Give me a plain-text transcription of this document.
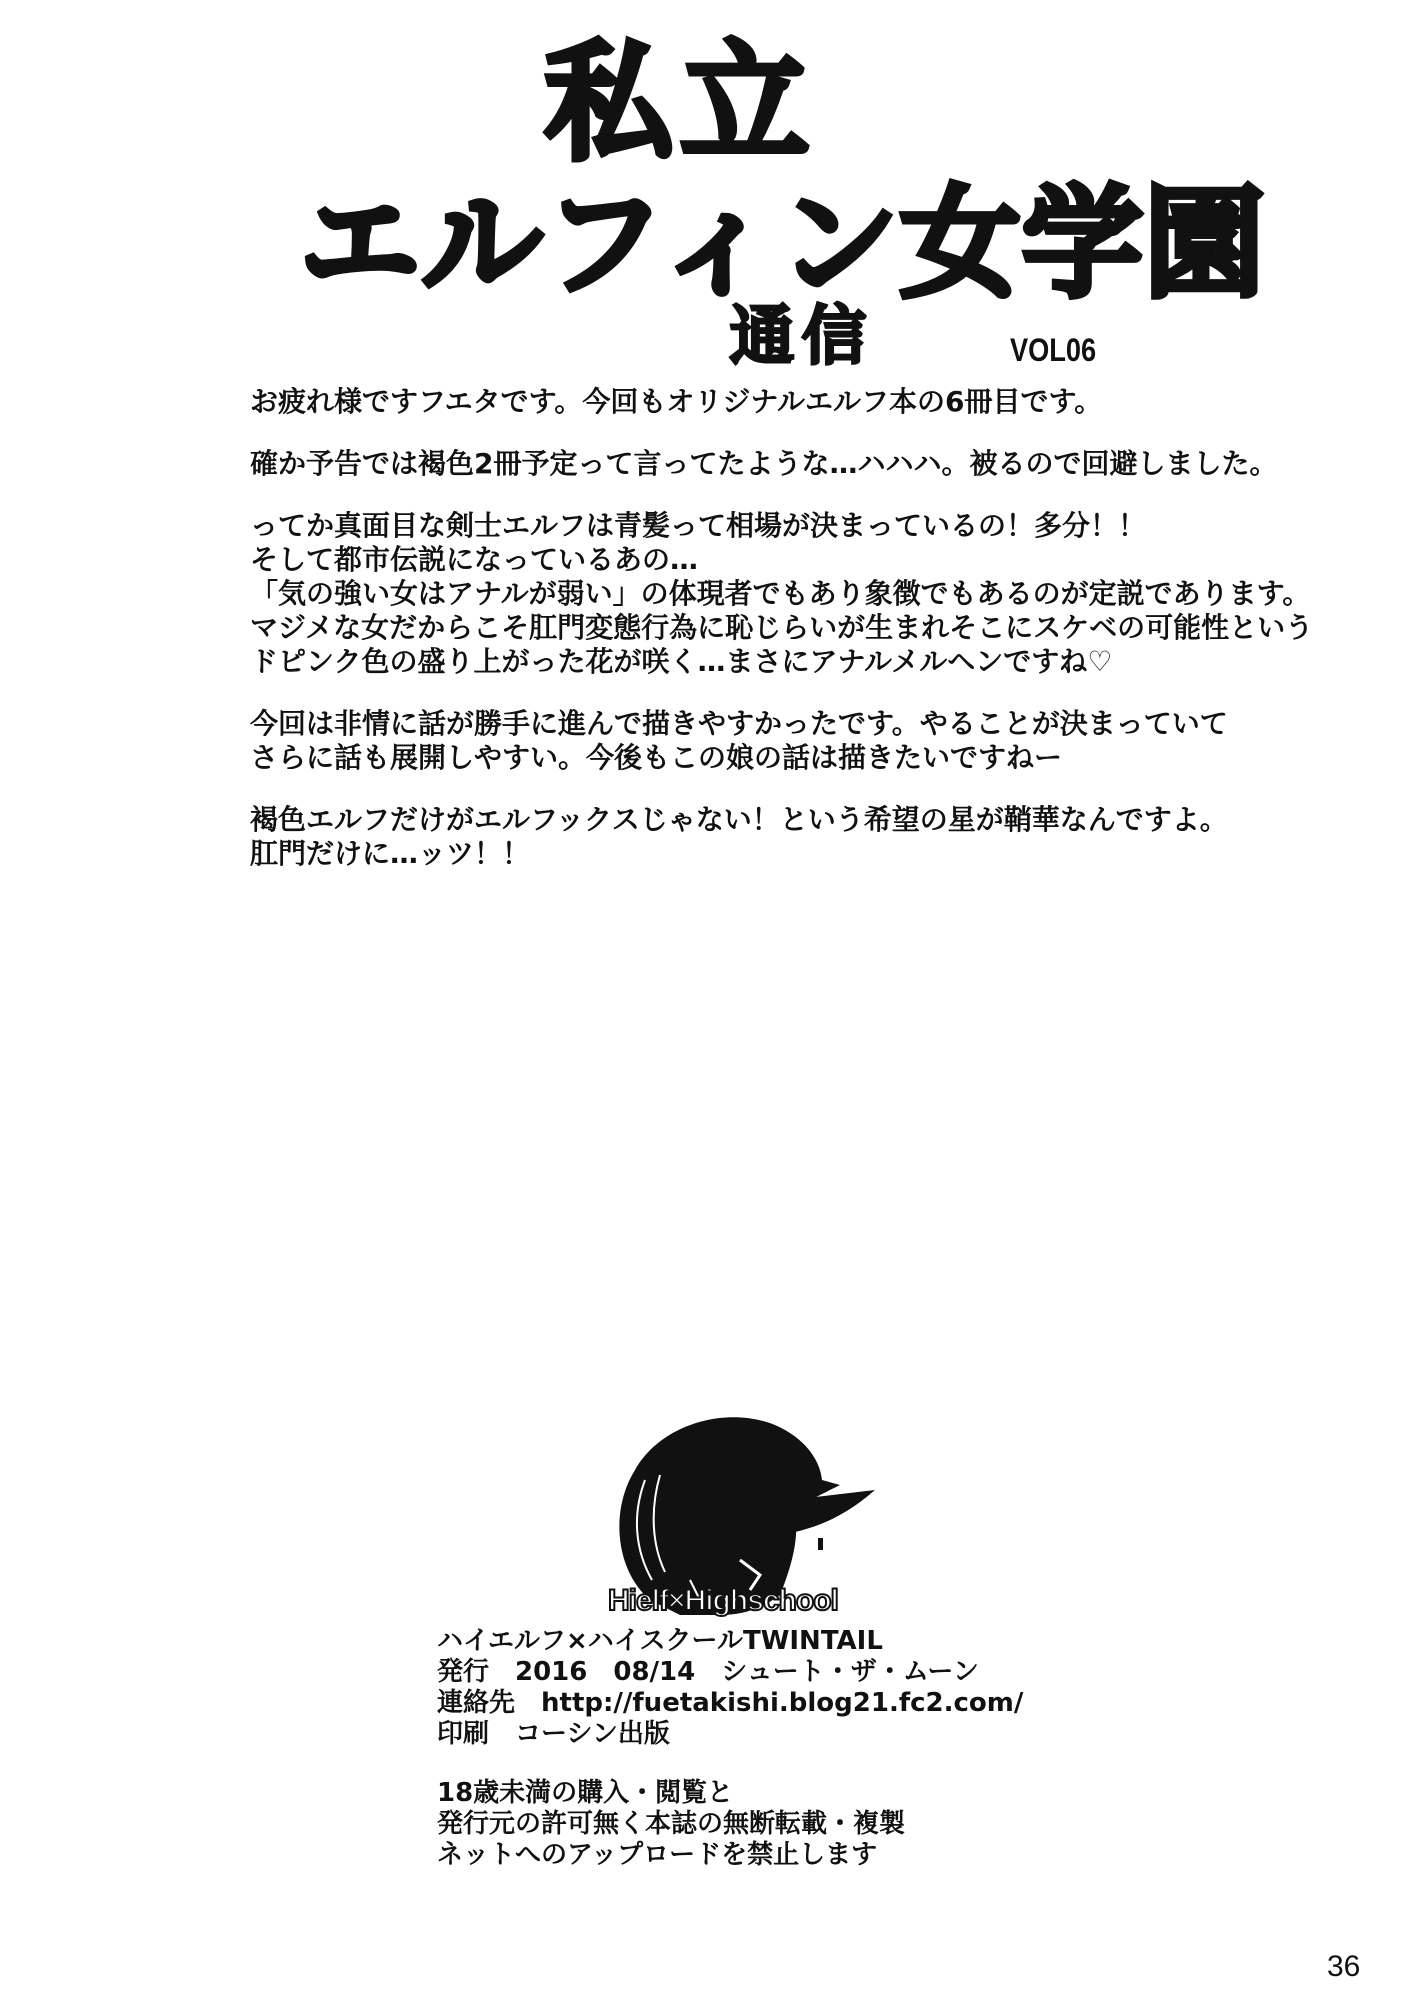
私立
エルフィン女学園
通信	VOL06
お疲れ様ですフエタです。今回もオリジナルエルフ本の6冊目です。
確か予告では褐色2冊予定って言ってたような…ハハハ。被るので回避しました。
ってか真面目な剣士エルフは青髪って相場が決まっているの！多分！！
そして都市伝説になっているあの…
「気の強い女はアナルが弱い」の体現者でもあり象徴でもあるのが定説であります。
マジメな女だからこそ肛門変態行為に恥じらいが生まれそこにスケベの可能性という
ドピンク色の盛り上がった花が咲く…まさにアナルメルヘンですね♡
今回は非情に話が勝手に進んで描きやすかったです。やることが決まっていて
さらに話も展開しやすい。今後もこの娘の話は描きたいですねー
褐色エルフだけがエルフックスじゃない！という希望の星が鞘華なんですよ。
肛門だけに…ッツ！！
Hielf×Highschool
ハイエルフ×ハイスクールTWINTAIL
発行　2016　08/14　シュート・ザ・ムーン
連絡先　http://fuetakishi.blog21.fc2.com/
印刷　コーシン出版
18歳未満の購入・閲覧と
発行元の許可無く本誌の無断転載・複製
ネットへのアップロードを禁止します
36
